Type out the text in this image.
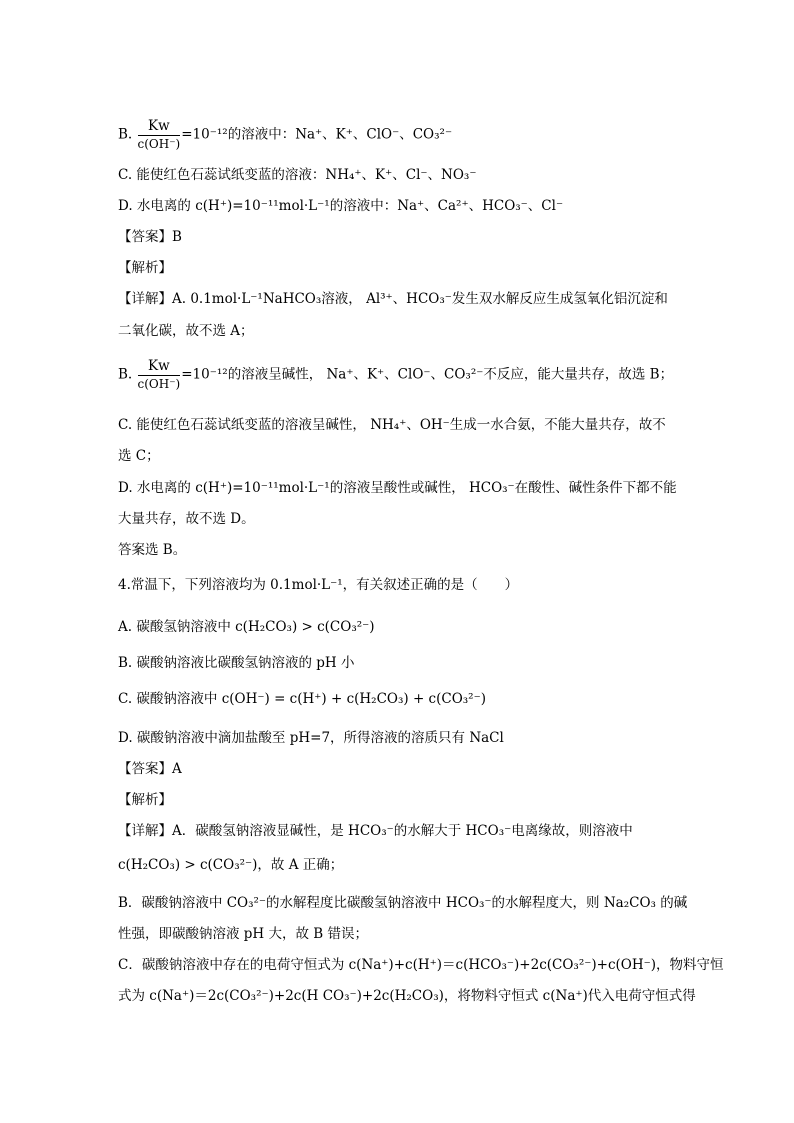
B. $\frac{Kw}{c(OH^-)} =10^{-12}$的溶液中：Na⁺、K⁺、ClO⁻、CO₃²⁻
C. 能使红色石蕊试纸变蓝的溶液：NH₄⁺、K⁺、Cl⁻、NO₃⁻
D. 水电离的 c(H⁺)=10⁻¹¹mol·L⁻¹的溶液中：Na⁺、Ca²⁺、HCO₃⁻、Cl⁻
【答案】B
【解析】
【详解】A. 0.1mol·L⁻¹NaHCO₃溶液， Al³⁺、HCO₃⁻发生双水解反应生成氢氧化铝沉淀和
二氧化碳，故不选 A；
B. $\frac{Kw}{c(OH^-)} =10^{-12}$的溶液呈碱性， Na⁺、K⁺、ClO⁻、CO₃²⁻不反应，能大量共存，故选 B；
C. 能使红色石蕊试纸变蓝的溶液呈碱性， NH₄⁺、OH⁻生成一水合氨，不能大量共存，故不
选 C；
D. 水电离的 c(H⁺)=10⁻¹¹mol·L⁻¹的溶液呈酸性或碱性， HCO₃⁻在酸性、碱性条件下都不能
大量共存，故不选 D。
答案选 B。
4.常温下，下列溶液均为 0.1mol·L⁻¹，有关叙述正确的是（　　）
A. 碳酸氢钠溶液中 c(H₂CO₃) > c(CO₃²⁻)
B. 碳酸钠溶液比碳酸氢钠溶液的 pH 小
C. 碳酸钠溶液中 c(OH⁻) = c(H⁺) + c(H₂CO₃) + c(CO₃²⁻)
D. 碳酸钠溶液中滴加盐酸至 pH=7，所得溶液的溶质只有 NaCl
【答案】A
【解析】
【详解】A．碳酸氢钠溶液显碱性，是 HCO₃⁻的水解大于 HCO₃⁻电离缘故，则溶液中
c(H₂CO₃) > c(CO₃²⁻)，故 A 正确；
B．碳酸钠溶液中 CO₃²⁻的水解程度比碳酸氢钠溶液中 HCO₃⁻的水解程度大，则 Na₂CO₃ 的碱
性强，即碳酸钠溶液 pH 大，故 B 错误；
C．碳酸钠溶液中存在的电荷守恒式为 c(Na⁺)+c(H⁺)＝c(HCO₃⁻)+2c(CO₃²⁻)+c(OH⁻)，物料守恒
式为 c(Na⁺)＝2c(CO₃²⁻)+2c(H CO₃⁻)+2c(H₂CO₃)，将物料守恒式 c(Na⁺)代入电荷守恒式得
